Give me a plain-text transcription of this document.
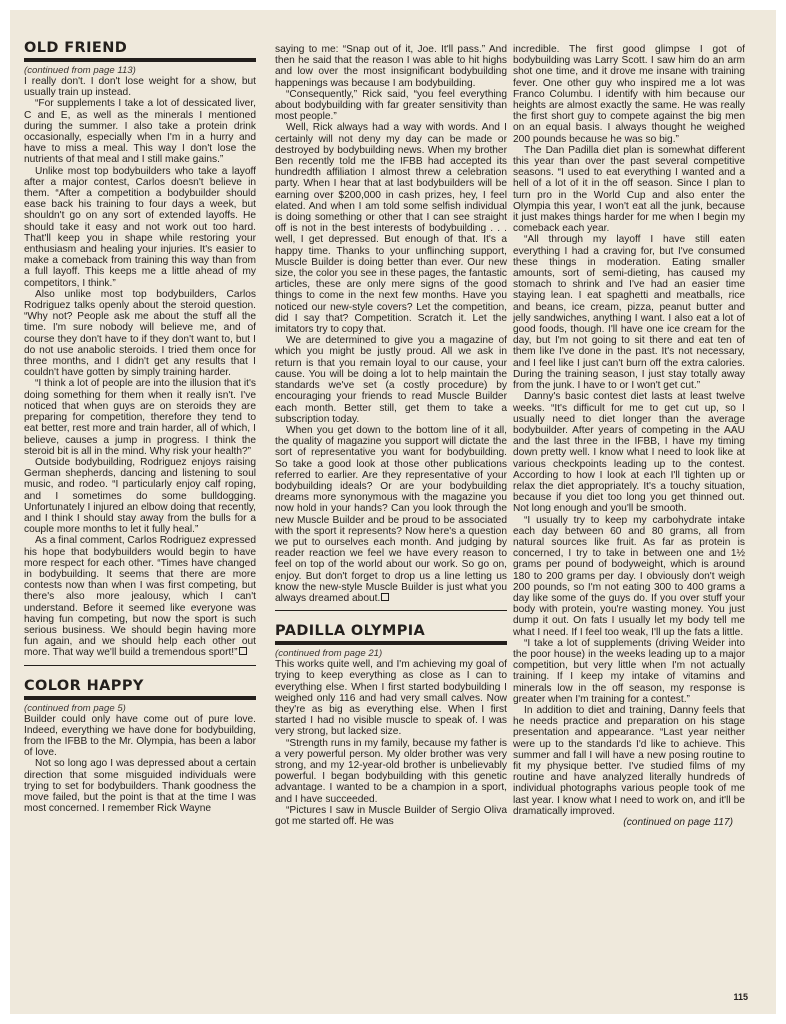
OLD FRIEND

(continued from page 113)

I really don't. I don't lose weight for a show, but usually train up instead.

“For supplements I take a lot of dessicated liver, C and E, as well as the minerals I mentioned during the summer. I also take a protein drink occasionally, especially when I'm in a hurry and have to miss a meal. This way I don't lose the nutrients of that meal and I still make gains.”

Unlike most top bodybuilders who take a layoff after a major contest, Carlos doesn't believe in them. “After a competition a bodybuilder should ease back his training to four days a week, but shouldn't go on any sort of extended layoffs. He should take it easy and not work out too hard. That'll keep you in shape while restoring your enthusiasm and healing your injuries. It's easier to make a comeback from training this way than from a full layoff. This keeps me a little ahead of my competitors, I think.”

Also unlike most top bodybuilders, Carlos Rodriguez talks openly about the steroid question. “Why not? People ask me about the stuff all the time. I'm sure nobody will believe me, and of course they don't have to if they don't want to, but I do not use anabolic steroids. I tried them once for three months, and I didn't get any results that I couldn't have gotten by simply training harder.

“I think a lot of people are into the illusion that it's doing something for them when it really isn't. I've noticed that when guys are on steroids they are preparing for competition, therefore they tend to eat better, rest more and train harder, all of which, I believe, causes a jump in progress. I think the steroid bit is all in the mind. Why risk your health?”

Outside bodybuilding, Rodriguez enjoys raising German shepherds, dancing and listening to soul music, and rodeo. “I particularly enjoy calf roping, and I sometimes do some bulldogging. Unfortunately I injured an elbow doing that recently, and I think I should stay away from the bulls for a couple more months to let it fully heal.”

As a final comment, Carlos Rodriguez expressed his hope that bodybuilders would begin to have more respect for each other. “Times have changed in bodybuilding. It seems that there are more contests now than when I was first competing, but there's also more jealousy, which I can't understand. Before it seemed like everyone was having fun competing, but now the sport is such serious business. We should begin having more fun again, and we should help each other out more. That way we'll build a tremendous sport!”

COLOR HAPPY

(continued from page 5)

Builder could only have come out of pure love. Indeed, everything we have done for bodybuilding, from the IFBB to the Mr. Olympia, has been a labor of love.

Not so long ago I was depressed about a certain direction that some misguided individuals were trying to set for bodybuilders. Thank goodness the move failed, but the point is that at the time I was most concerned. I remember Rick Wayne

saying to me: “Snap out of it, Joe. It'll pass.” And then he said that the reason I was able to hit highs and low over the most insignificant bodybuilding happenings was because I am bodybuilding.

“Consequently,” Rick said, “you feel everything about bodybuilding with far greater sensitivity than most people.”

Well, Rick always had a way with words. And I certainly will not deny my day can be made or destroyed by bodybuilding news. When my brother Ben recently told me the IFBB had accepted its hundredth affiliation I almost threw a celebration party. When I hear that at last bodybuilders will be earning over $200,000 in cash prizes, hey, I feel elated. And when I am told some selfish individual is doing something or other that I can see straight off is not in the best interests of bodybuilding . . . well, I get depressed. But enough of that. It's a happy time. Thanks to your unflinching support, Muscle Builder is doing better than ever. Our new size, the color you see in these pages, the fantastic articles, these are only mere signs of the good things to come in the next few months. Have you noticed our new-style covers? Let the competition, did I say that? Competition. Scratch it. Let the imitators try to copy that.

We are determined to give you a magazine of which you might be justly proud. All we ask in return is that you remain loyal to our cause, your cause. You will be doing a lot to help maintain the standards we've set (a costly procedure) by encouraging your friends to read Muscle Builder each month. Better still, get them to take a subscription today.

When you get down to the bottom line of it all, the quality of magazine you support will dictate the sort of representative you want for bodybuilding. So take a good look at those other publications referred to earlier. Are they representative of your bodybuilding ideals? Or are your bodybuilding dreams more synonymous with the magazine you now hold in your hands? Can you look through the new Muscle Builder and be proud to be associated with the sport it represents? Now here's a question we put to ourselves each month. And judging by reader reaction we feel we have every reason to feel on top of the world about our work. So go on, enjoy. But don't forget to drop us a line letting us know the new-style Muscle Builder is just what you always dreamed about.

PADILLA OLYMPIA

(continued from page 21)

This works quite well, and I'm achieving my goal of trying to keep everything as close as I can to everything else. When I first started bodybuilding I weighed only 116 and had very small calves. Now they're as big as everything else. When I first started I had no visible muscle to speak of. I was very strong, but lacked size.

“Strength runs in my family, because my father is a very powerful person. My older brother was very strong, and my 12-year-old brother is unbelievably powerful. I began bodybuilding with this genetic advantage. I wanted to be a champion in a sport, and I have succeeded.

“Pictures I saw in Muscle Builder of Sergio Oliva got me started off. He was

incredible. The first good glimpse I got of bodybuilding was Larry Scott. I saw him do an arm shot one time, and it drove me insane with training fever. One other guy who inspired me a lot was Franco Columbu. I identify with him because our heights are almost exactly the same. He was really the first short guy to compete against the big men on an equal basis. I always thought he weighed 200 pounds because he was so big.”

The Dan Padilla diet plan is somewhat different this year than over the past several competitive seasons. “I used to eat everything I wanted and a hell of a lot of it in the off season. Since I plan to turn pro in the World Cup and also enter the Olympia this year, I won't eat all the junk, because it just makes things harder for me when I begin my comeback each year.

“All through my layoff I have still eaten everything I had a craving for, but I've consumed these things in moderation. Eating smaller amounts, sort of semi-dieting, has caused my stomach to shrink and I've had an easier time staying lean. I eat spaghetti and meatballs, rice and beans, ice cream, pizza, peanut butter and jelly sandwiches, anything I want. I also eat a lot of good foods, though. I'll have one ice cream for the day, but I'm not going to sit there and eat ten of them like I've done in the past. It's not necessary, and I feel like I just can't burn off the extra calories. During the training season, I just stay totally away from the junk. I have to or I won't get cut.”

Danny's basic contest diet lasts at least twelve weeks. “It's difficult for me to get cut up, so I usually need to diet longer than the average bodybuilder. After years of competing in the AAU and the last three in the IFBB, I have my timing down pretty well. I know what I need to look like at various checkpoints leading up to the contest. According to how I look at each I'll tighten up or relax the diet appropriately. It's a touchy situation, because if you diet too long you get thinned out. Not long enough and you'll be smooth.

“I usually try to keep my carbohydrate intake each day between 60 and 80 grams, all from natural sources like fruit. As far as protein is concerned, I try to take in between one and 1½ grams per pound of bodyweight, which is around 180 to 200 grams per day. I obviously don't weigh 200 pounds, so I'm not eating 300 to 400 grams a day like some of the guys do. If you over stuff your body with protein, you're wasting money. You just dump it out. On fats I usually let my body tell me what I need. If I feel too weak, I'll up the fats a little.

“I take a lot of supplements (driving Weider into the poor house) in the weeks leading up to a major competition, but very little when I'm not actually training. If I keep my intake of vitamins and minerals low in the off season, my response is greater when I'm training for a contest.”

In addition to diet and training, Danny feels that he needs practice and preparation on his stage presentation and appearance. “Last year neither were up to the standards I'd like to achieve. This summer and fall I will have a new posing routine to fit my physique better. I've studied films of my routine and have analyzed literally hundreds of individual photographs various people took of me last year. I know what I need to work on, and it'll be dramatically improved.

(continued on page 117)

115
